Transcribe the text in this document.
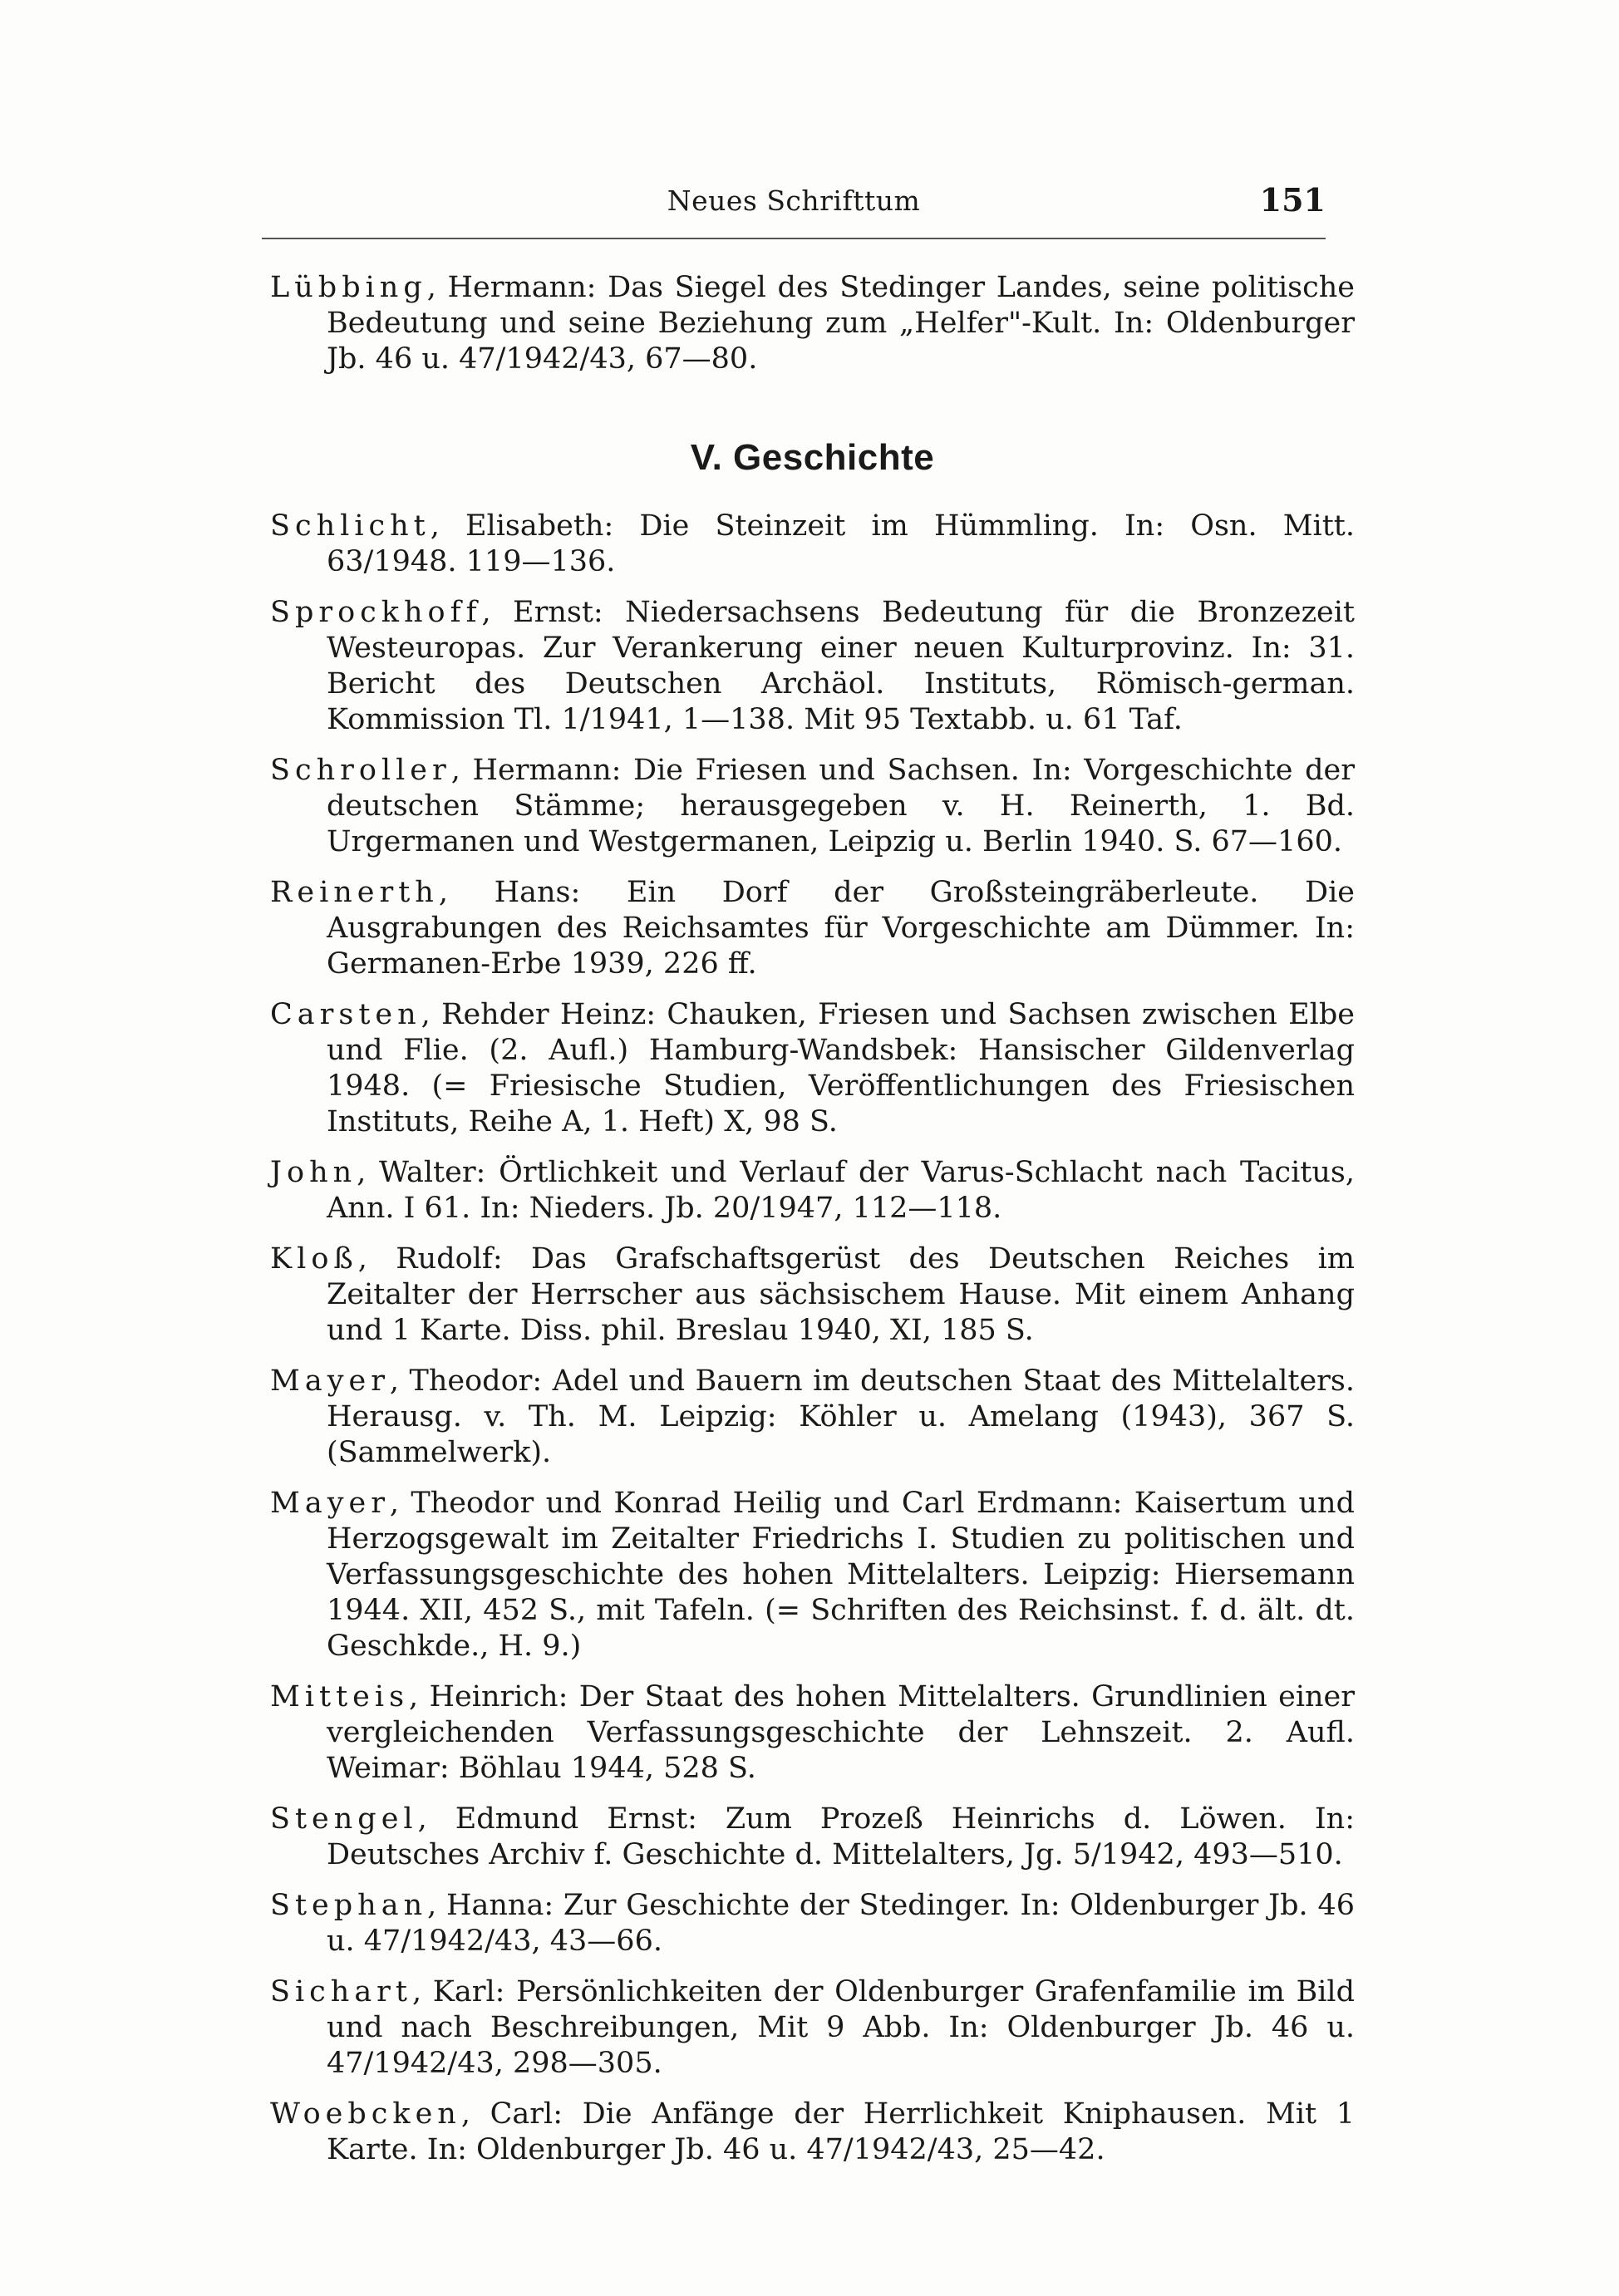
Neues Schrifttum	151

Lübbing, Hermann: Das Siegel des Stedinger Landes, seine politische Bedeutung und seine Beziehung zum „Helfer"-Kult. In: Oldenburger Jb. 46 u. 47/1942/43, 67—80.

V. Geschichte

Schlicht, Elisabeth: Die Steinzeit im Hümmling. In: Osn. Mitt. 63/1948. 119—136.

Sprockhoff, Ernst: Niedersachsens Bedeutung für die Bronzezeit Westeuropas. Zur Verankerung einer neuen Kulturprovinz. In: 31. Bericht des Deutschen Archäol. Instituts, Römisch-german. Kommission Tl. 1/1941, 1—138. Mit 95 Textabb. u. 61 Taf.

Schroller, Hermann: Die Friesen und Sachsen. In: Vorgeschichte der deutschen Stämme; herausgegeben v. H. Reinerth, 1. Bd. Urgermanen und Westgermanen, Leipzig u. Berlin 1940. S. 67—160.

Reinerth, Hans: Ein Dorf der Großsteingräberleute. Die Ausgrabungen des Reichsamtes für Vorgeschichte am Dümmer. In: Germanen-Erbe 1939, 226 ff.

Carsten, Rehder Heinz: Chauken, Friesen und Sachsen zwischen Elbe und Flie. (2. Aufl.) Hamburg-Wandsbek: Hansischer Gildenverlag 1948. (= Friesische Studien, Veröffentlichungen des Friesischen Instituts, Reihe A, 1. Heft) X, 98 S.

John, Walter: Örtlichkeit und Verlauf der Varus-Schlacht nach Tacitus, Ann. I 61. In: Nieders. Jb. 20/1947, 112—118.

Kloß, Rudolf: Das Grafschaftsgerüst des Deutschen Reiches im Zeitalter der Herrscher aus sächsischem Hause. Mit einem Anhang und 1 Karte. Diss. phil. Breslau 1940, XI, 185 S.

Mayer, Theodor: Adel und Bauern im deutschen Staat des Mittelalters. Herausg. v. Th. M. Leipzig: Köhler u. Amelang (1943), 367 S. (Sammelwerk).

Mayer, Theodor und Konrad Heilig und Carl Erdmann: Kaisertum und Herzogsgewalt im Zeitalter Friedrichs I. Studien zu politischen und Verfassungsgeschichte des hohen Mittelalters. Leipzig: Hiersemann 1944. XII, 452 S., mit Tafeln. (= Schriften des Reichsinst. f. d. ält. dt. Geschkde., H. 9.)

Mitteis, Heinrich: Der Staat des hohen Mittelalters. Grundlinien einer vergleichenden Verfassungsgeschichte der Lehnszeit. 2. Aufl. Weimar: Böhlau 1944, 528 S.

Stengel, Edmund Ernst: Zum Prozeß Heinrichs d. Löwen. In: Deutsches Archiv f. Geschichte d. Mittelalters, Jg. 5/1942, 493—510.

Stephan, Hanna: Zur Geschichte der Stedinger. In: Oldenburger Jb. 46 u. 47/1942/43, 43—66.

Sichart, Karl: Persönlichkeiten der Oldenburger Grafenfamilie im Bild und nach Beschreibungen, Mit 9 Abb. In: Oldenburger Jb. 46 u. 47/1942/43, 298—305.

Woebcken, Carl: Die Anfänge der Herrlichkeit Kniphausen. Mit 1 Karte. In: Oldenburger Jb. 46 u. 47/1942/43, 25—42.
